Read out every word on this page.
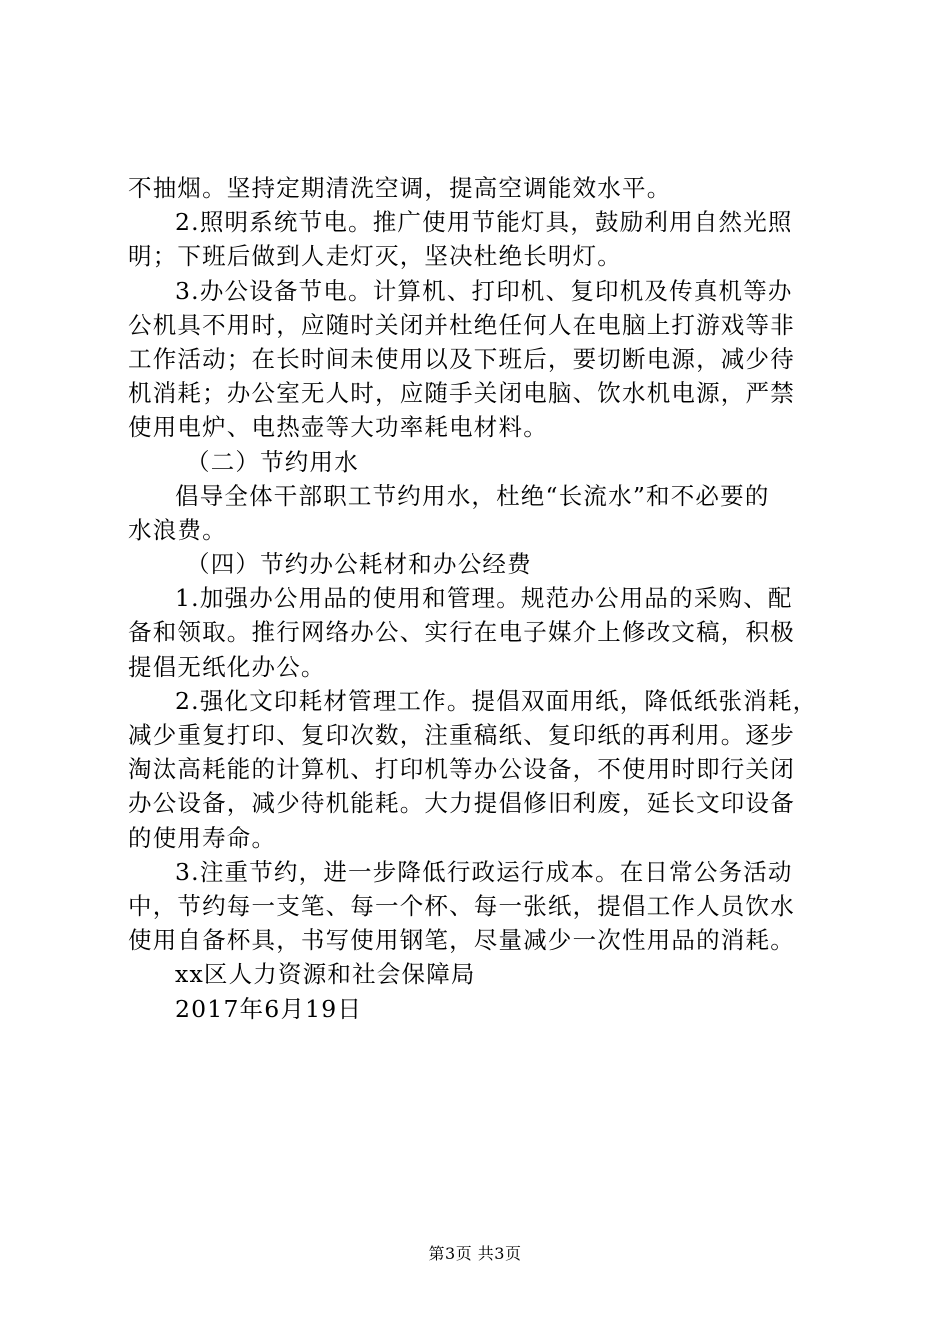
不抽烟。坚持定期清洗空调，提高空调能效水平。
2.照明系统节电。推广使用节能灯具，鼓励利用自然光照
明；下班后做到人走灯灭，坚决杜绝长明灯。
3.办公设备节电。计算机、打印机、复印机及传真机等办
公机具不用时，应随时关闭并杜绝任何人在电脑上打游戏等非
工作活动；在长时间未使用以及下班后，要切断电源，减少待
机消耗；办公室无人时，应随手关闭电脑、饮水机电源，严禁
使用电炉、电热壶等大功率耗电材料。
（二）节约用水
倡导全体干部职工节约用水，杜绝“长流水”和不必要的
水浪费。
（四）节约办公耗材和办公经费
1.加强办公用品的使用和管理。规范办公用品的采购、配
备和领取。推行网络办公、实行在电子媒介上修改文稿，积极
提倡无纸化办公。
2.强化文印耗材管理工作。提倡双面用纸，降低纸张消耗，
减少重复打印、复印次数，注重稿纸、复印纸的再利用。逐步
淘汰高耗能的计算机、打印机等办公设备，不使用时即行关闭
办公设备，减少待机能耗。大力提倡修旧利废，延长文印设备
的使用寿命。
3.注重节约，进一步降低行政运行成本。在日常公务活动
中，节约每一支笔、每一个杯、每一张纸，提倡工作人员饮水
使用自备杯具，书写使用钢笔，尽量减少一次性用品的消耗。
xx区人力资源和社会保障局
2017年6月19日
第3页 共3页
